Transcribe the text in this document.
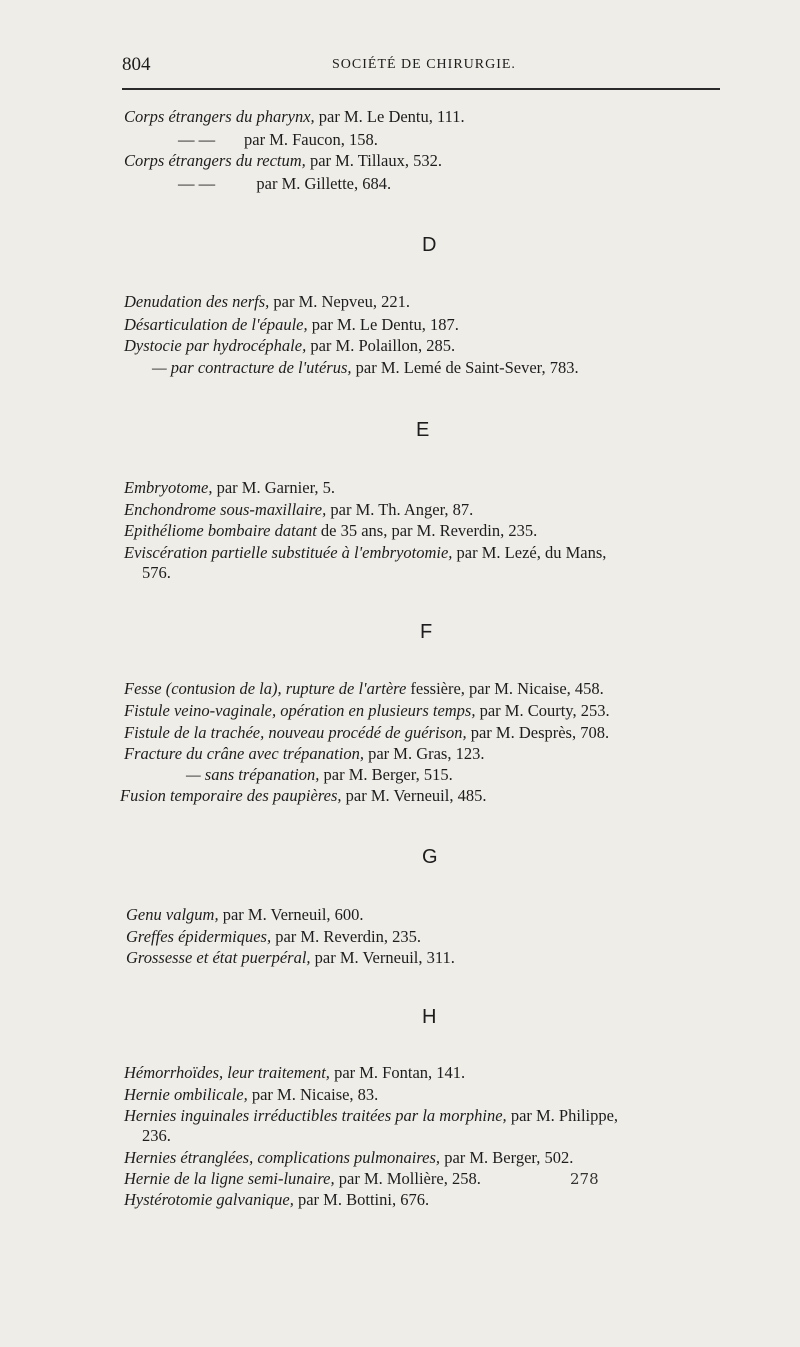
804	SOCIÉTÉ DE CHIRURGIE.
Corps étrangers du pharynx, par M. Le Dentu, 111.
— — par M. Faucon, 158.
Corps étrangers du rectum, par M. Tillaux, 532.
— —	par M. Gillette, 684.
D
Denudation des nerfs, par M. Nepveu, 221.
Désarticulation de l'épaule, par M. Le Dentu, 187.
Dystocie par hydrocéphale, par M. Polaillon, 285.
— par contracture de l'utérus, par M. Lemé de Saint-Sever, 783.
E
Embryotome, par M. Garnier, 5.
Enchondrome sous-maxillaire, par M. Th. Anger, 87.
Epithéliome bombaire datant de 35 ans, par M. Reverdin, 235.
Eviscération partielle substituée à l'embryotomie, par M. Lezé, du Mans,
576.
F
Fesse (contusion de la), rupture de l'artère fessière, par M. Nicaise, 458.
Fistule veino-vaginale, opération en plusieurs temps, par M. Courty, 253.
Fistule de la trachée, nouveau procédé de guérison, par M. Desprès, 708.
Fracture du crâne avec trépanation, par M. Gras, 123.
— sans trépanation, par M. Berger, 515.
Fusion temporaire des paupières, par M. Verneuil, 485.
G
Genu valgum, par M. Verneuil, 600.
Greffes épidermiques, par M. Reverdin, 235.
Grossesse et état puerpéral, par M. Verneuil, 311.
H
Hémorrhoïdes, leur traitement, par M. Fontan, 141.
Hernie ombilicale, par M. Nicaise, 83.
Hernies inguinales irréductibles traitées par la morphine, par M. Philippe,
236.
Hernies étranglées, complications pulmonaires, par M. Berger, 502.
Hernie de la ligne semi-lunaire, par M. Mollière, 258.
Hystérotomie galvanique, par M. Bottini, 676.
278
